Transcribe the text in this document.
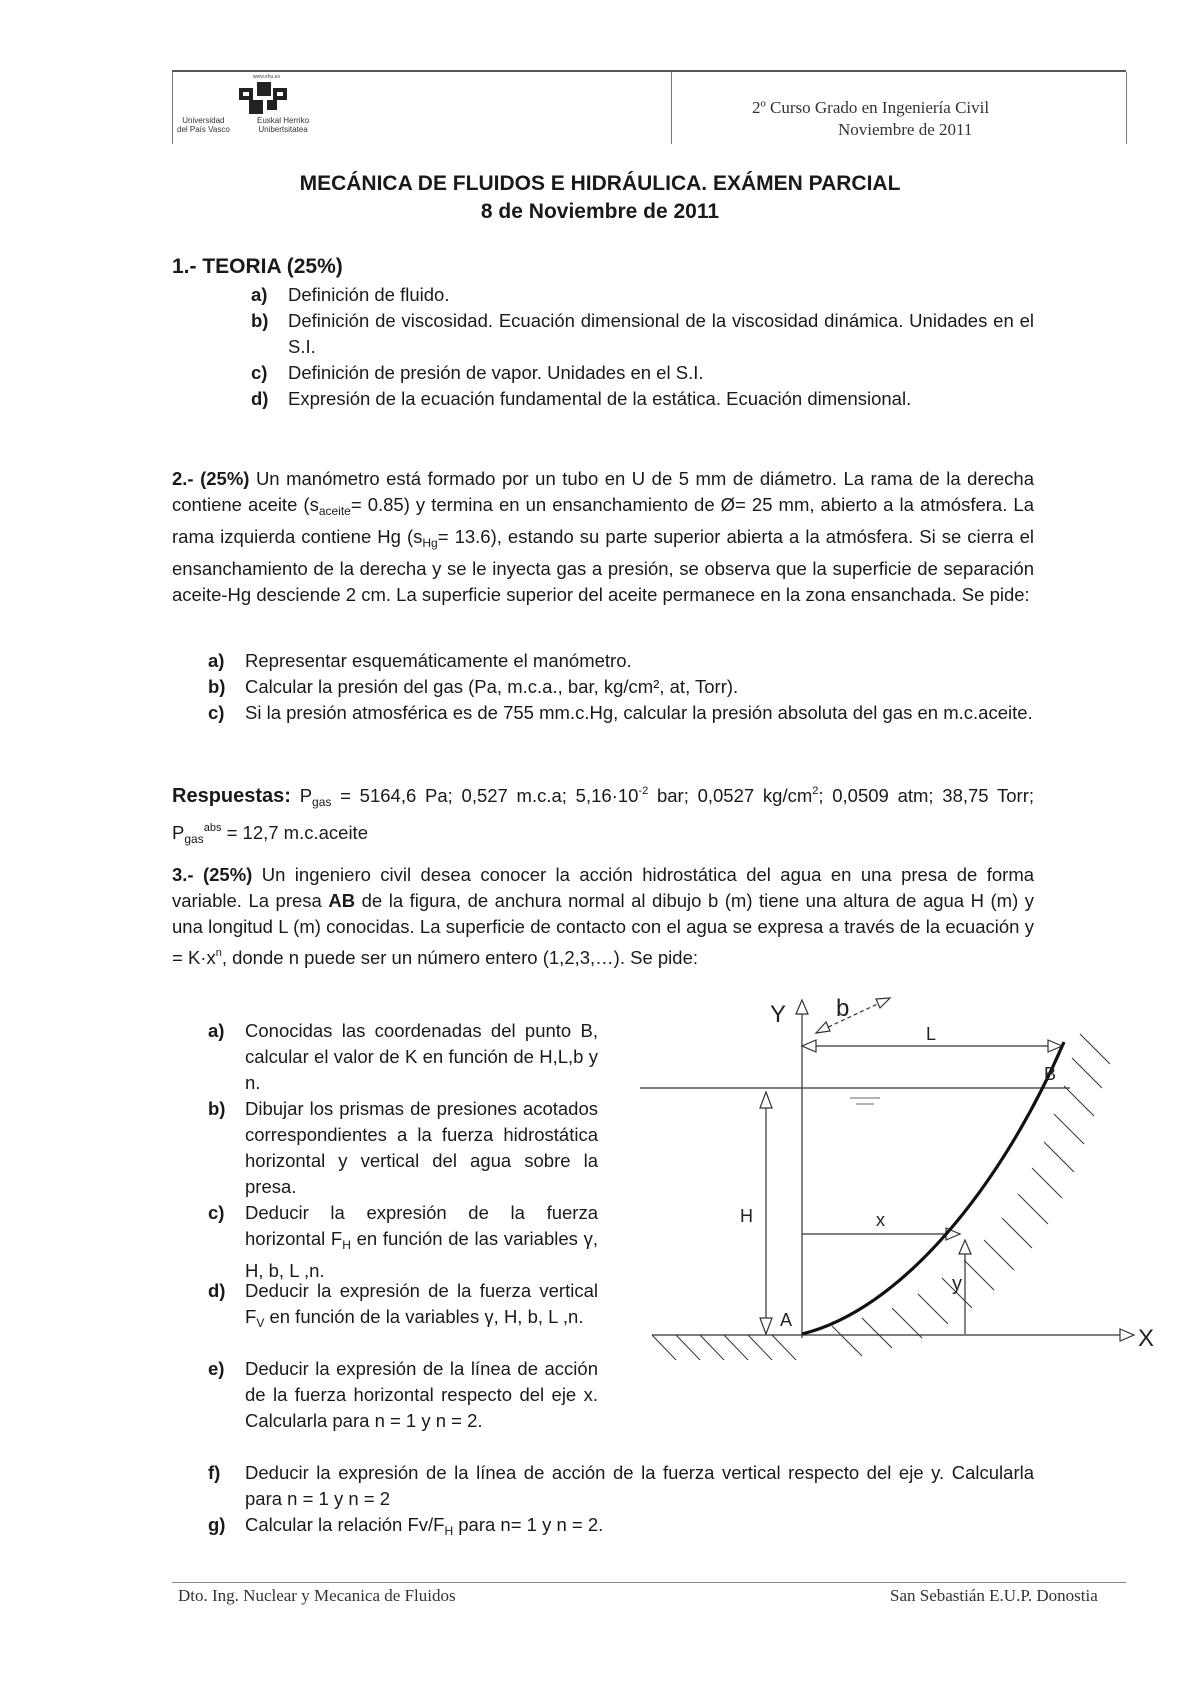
www.ehu.es
Universidad
del País Vasco
Euskal Herriko
Unibertsitatea
2º Curso Grado en Ingeniería Civil
Noviembre de 2011
MECÁNICA DE FLUIDOS E HIDRÁULICA. EXÁMEN PARCIAL
8 de Noviembre de 2011
1.- TEORIA (25%)
a)	Definición de fluido.
b)	Definición de viscosidad. Ecuación dimensional de la viscosidad dinámica. Unidades en el S.I.
c)	Definición de presión de vapor. Unidades en el S.I.
d)	Expresión de la ecuación fundamental de la estática. Ecuación dimensional.
2.- (25%) Un manómetro está formado por un tubo en U de 5 mm de diámetro. La rama de la derecha contiene aceite $(s_{aceite}= 0.85)$ y termina en un ensanchamiento de Ø= 25 mm, abierto a la atmósfera. La rama izquierda contiene Hg $(s_{Hg}= 13.6)$, estando su parte superior abierta a la atmósfera. Si se cierra el ensanchamiento de la derecha y se le inyecta gas a presión, se observa que la superficie de separación aceite-Hg desciende 2 cm. La superficie superior del aceite permanece en la zona ensanchada. Se pide:
a)	Representar esquemáticamente el manómetro.
b)	Calcular la presión del gas (Pa, m.c.a., bar, kg/cm², at, Torr).
c)	Si la presión atmosférica es de 755 mm.c.Hg, calcular la presión absoluta del gas en m.c.aceite.
Respuestas: $P_{gas} = 5164,6$ Pa; 0,527 m.c.a; $5,16\cdot 10^{-2}$ bar; 0,0527 $kg/cm^2$; 0,0509 atm; 38,75 Torr; $P_{gas}^{abs} = 12,7$ m.c.aceite
3.- (25%) Un ingeniero civil desea conocer la acción hidrostática del agua en una presa de forma variable. La presa AB de la figura, de anchura normal al dibujo b (m) tiene una altura de agua H (m) y una longitud L (m) conocidas. La superficie de contacto con el agua se expresa a través de la ecuación $y = K\cdot x^n$, donde n puede ser un número entero (1,2,3,…). Se pide:
a)	Conocidas las coordenadas del punto B, calcular el valor de K en función de H,L,b y n.
b)	Dibujar los prismas de presiones acotados correspondientes a la fuerza hidrostática horizontal y vertical del agua sobre la presa.
c)	Deducir la expresión de la fuerza horizontal $F_H$ en función de las variables γ, H, b, L ,n.
d)	Deducir la expresión de la fuerza vertical $F_V$ en función de la variables γ, H, b, L ,n.
e)	Deducir la expresión de la línea de acción de la fuerza horizontal respecto del eje x. Calcularla para n = 1 y n = 2.
f)	Deducir la expresión de la línea de acción de la fuerza vertical respecto del eje y. Calcularla para n = 1 y n = 2
g)	Calcular la relación $Fv/F_H$ para n= 1 y n = 2.
Y
X
b
L
B
H	x
y
A
Dto. Ing. Nuclear y Mecanica de Fluidos	San Sebastián E.U.P. Donostia
